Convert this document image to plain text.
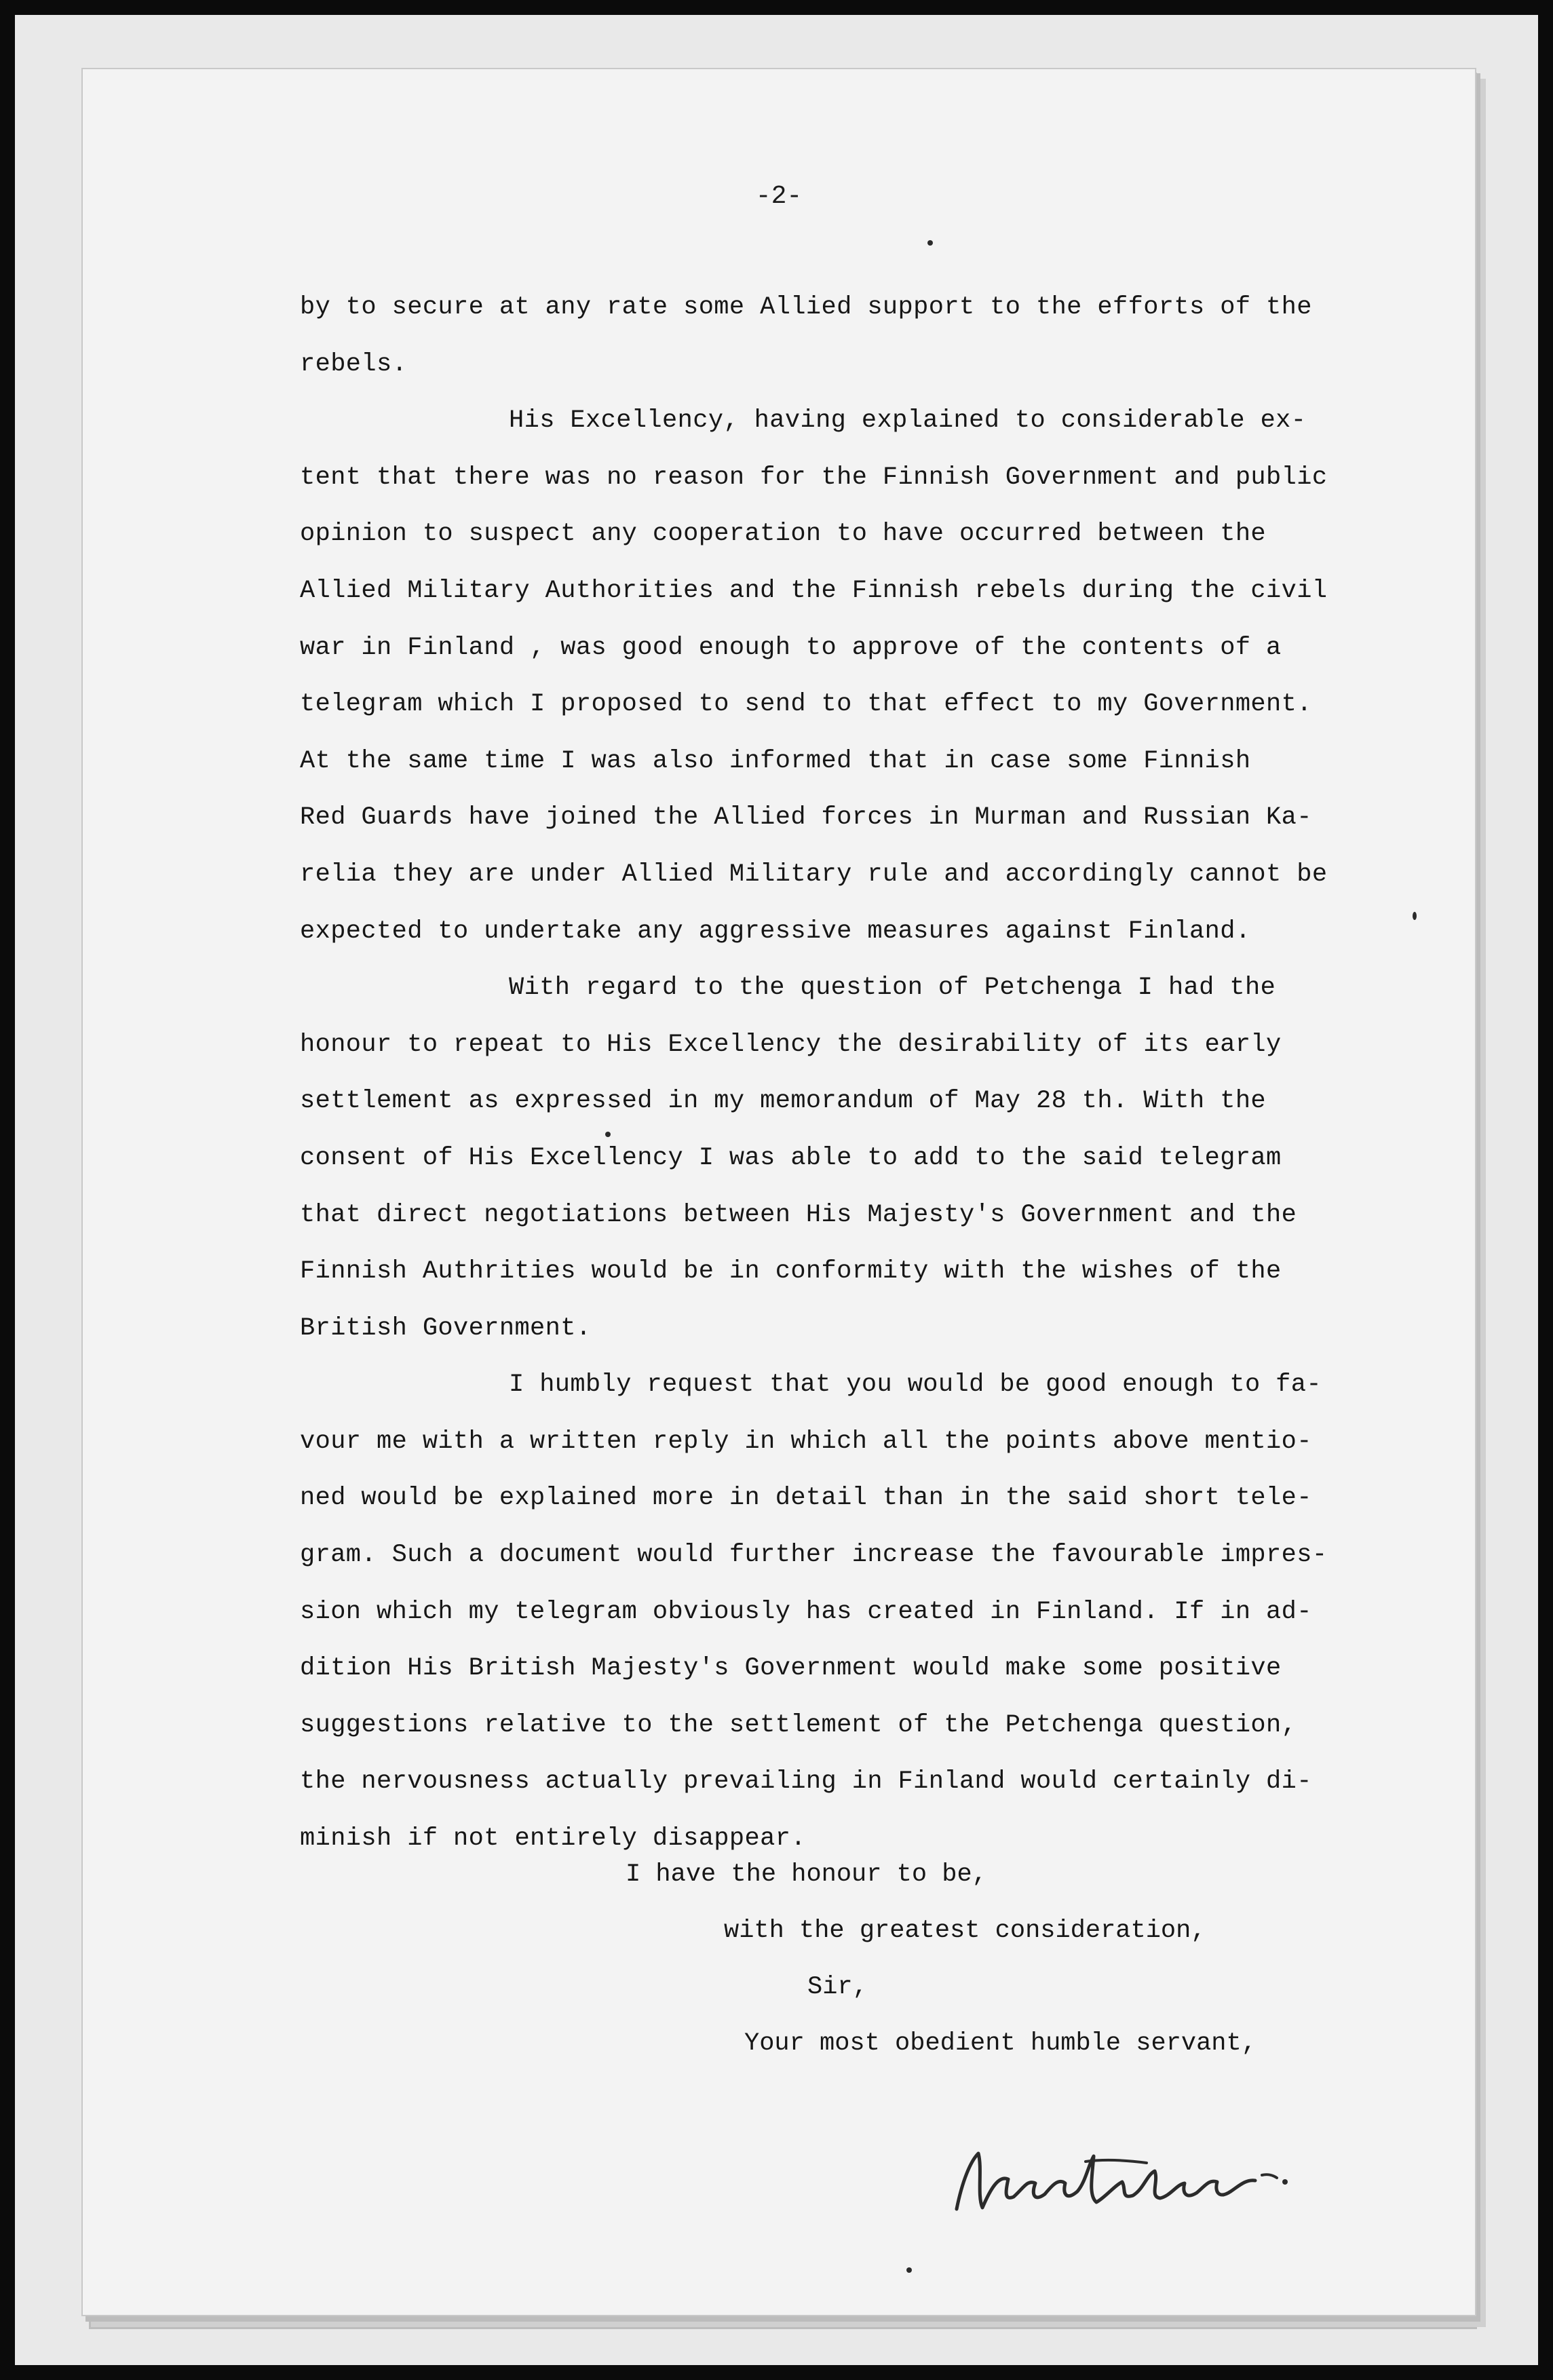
-2-
by to secure at any rate some Allied support to the efforts of the
rebels.
His Excellency, having explained to considerable ex-
tent that there was no reason for the Finnish Government and public
opinion to suspect any cooperation to have occurred between the
Allied Military Authorities and the Finnish rebels during the civil
war in Finland , was good enough to approve of the contents of a
telegram which I proposed to send to that effect to my Government.
At the same time I was also informed that in case some Finnish
Red Guards have joined the Allied forces in Murman and Russian Ka-
relia they are under Allied Military rule and accordingly cannot be
expected to undertake any aggressive measures against Finland.
With regard to the question of Petchenga I had the
honour to repeat to His Excellency the desirability of its early
settlement as expressed in my memorandum of May 28 th. With the
consent of His Excellency I was able to add to the said telegram
that direct negotiations between His Majesty's Government and the
Finnish Authrities would be in conformity with the wishes of the
British Government.
I humbly request that you would be good enough to fa-
vour me with a written reply in which all the points above mentio-
ned would be explained more in detail than in the said short tele-
gram. Such a document would further increase the favourable impres-
sion which my telegram obviously has created in Finland. If in ad-
dition His British Majesty's Government would make some positive
suggestions relative to the settlement of the Petchenga question,
the nervousness actually prevailing in Finland would certainly di-
minish if not entirely disappear.
I have the honour to be,
with the greatest consideration,
Sir,
Your most obedient humble servant,
